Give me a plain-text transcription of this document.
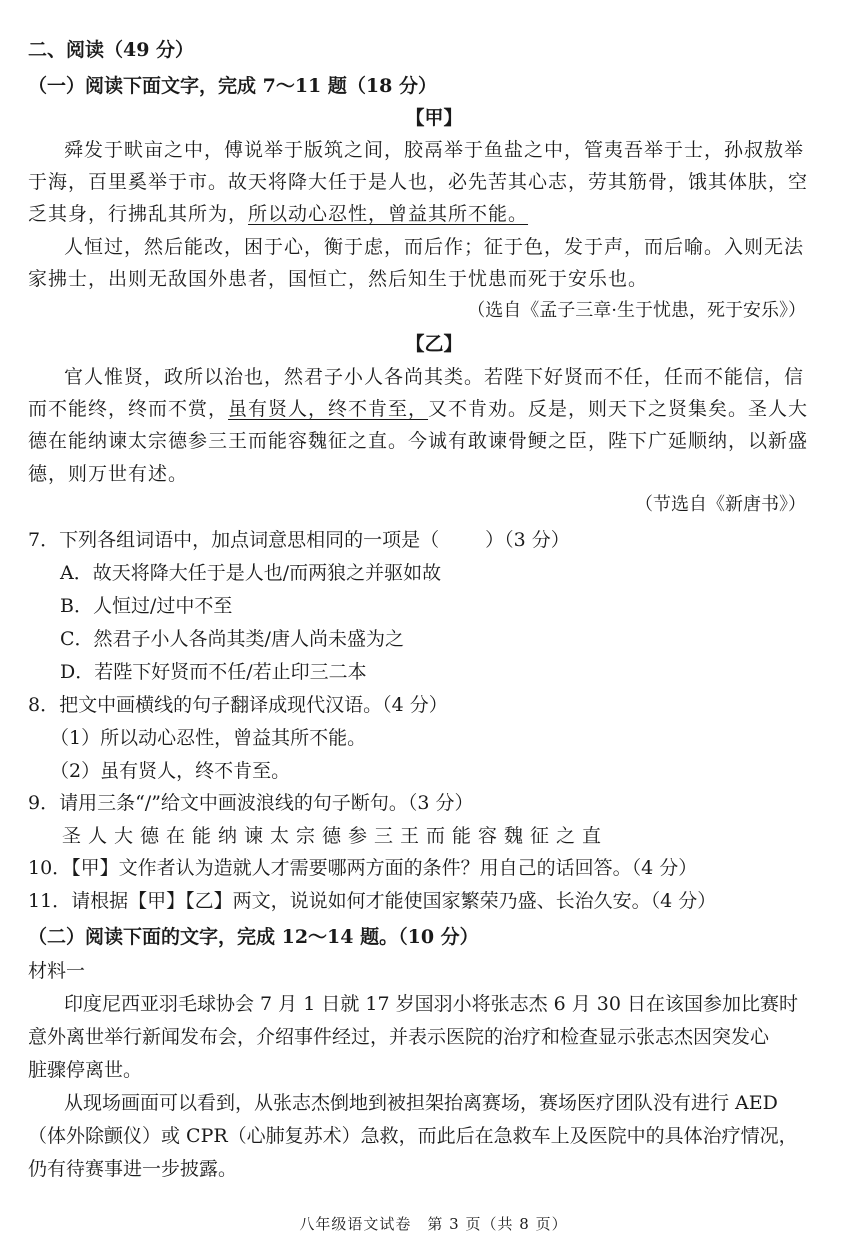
二、阅读（49 分）
（一）阅读下面文字，完成 7～11 题（18 分）
【甲】
舜发于畎亩之中，傅说举于版筑之间，胶鬲举于鱼盐之中，管夷吾举于士，孙叔敖举
于海，百里奚举于市。故天将降大任于是人也，必先苦其心志，劳其筋骨，饿其体肤，空
乏其身，行拂乱其所为，所以动心忍性，曾益其所不能。
人恒过，然后能改，困于心，衡于虑，而后作；征于色，发于声，而后喻。入则无法
家拂士，出则无敌国外患者，国恒亡，然后知生于忧患而死于安乐也。
（选自《孟子三章·生于忧患，死于安乐》）
【乙】
官人惟贤，政所以治也，然君子小人各尚其类。若陛下好贤而不任，任而不能信，信
而不能终，终而不赏，虽有贤人，终不肯至，又不肯劝。反是，则天下之贤集矣。圣人大
德在能纳谏太宗德参三王而能容魏征之直。今诚有敢谏骨鲠之臣，陛下广延顺纳，以新盛
德，则万世有述。
（节选自《新唐书》）
7．下列各组词语中，加点词意思相同的一项是（ ）（3 分）
A．故天将降大任于是人也/而两狼之并驱如故
B．人恒过/过中不至
C．然君子小人各尚其类/唐人尚未盛为之
D．若陛下好贤而不任/若止印三二本
8．把文中画横线的句子翻译成现代汉语。（4 分）
（1）所以动心忍性，曾益其所不能。
（2）虽有贤人，终不肯至。
9．请用三条“/”给文中画波浪线的句子断句。（3 分）
圣人大德在能纳谏太宗德参三王而能容魏征之直
10．【甲】文作者认为造就人才需要哪两方面的条件？用自己的话回答。（4 分）
11．请根据【甲】【乙】两文，说说如何才能使国家繁荣乃盛、长治久安。（4 分）
（二）阅读下面的文字，完成 12～14 题。（10 分）
材料一
印度尼西亚羽毛球协会 7 月 1 日就 17 岁国羽小将张志杰 6 月 30 日在该国参加比赛时
意外离世举行新闻发布会，介绍事件经过，并表示医院的治疗和检查显示张志杰因突发心
脏骤停离世。
从现场画面可以看到，从张志杰倒地到被担架抬离赛场，赛场医疗团队没有进行 AED
（体外除颤仪）或 CPR（心肺复苏术）急救，而此后在急救车上及医院中的具体治疗情况，
仍有待赛事进一步披露。
八年级语文试卷　第 3 页（共 8 页）
